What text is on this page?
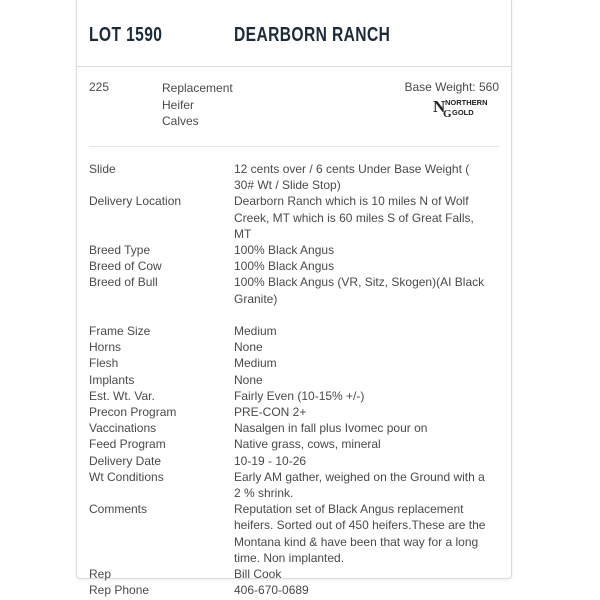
LOT 1590	DEARBORN RANCH
225	Replacement
Heifer
Calves
Base Weight: 560
N NORTHERN
G GOLD
Slide	12 cents over / 6 cents Under Base Weight ( 30# Wt / Slide Stop)
Delivery Location	Dearborn Ranch which is 10 miles N of Wolf Creek, MT which is 60 miles S of Great Falls, MT
Breed Type	100% Black Angus
Breed of Cow	100% Black Angus
Breed of Bull	100% Black Angus (VR, Sitz, Skogen)(AI Black Granite)
Frame Size	Medium
Horns	None
Flesh	Medium
Implants	None
Est. Wt. Var.	Fairly Even (10-15% +/-)
Precon Program	PRE-CON 2+
Vaccinations	Nasalgen in fall plus Ivomec pour on
Feed Program	Native grass, cows, mineral
Delivery Date	10-19 - 10-26
Wt Conditions	Early AM gather, weighed on the Ground with a 2 % shrink.
Comments	Reputation set of Black Angus replacement heifers. Sorted out of 450 heifers.These are the Montana kind & have been that way for a long time. Non implanted.
Rep	Bill Cook
Rep Phone	406-670-0689
